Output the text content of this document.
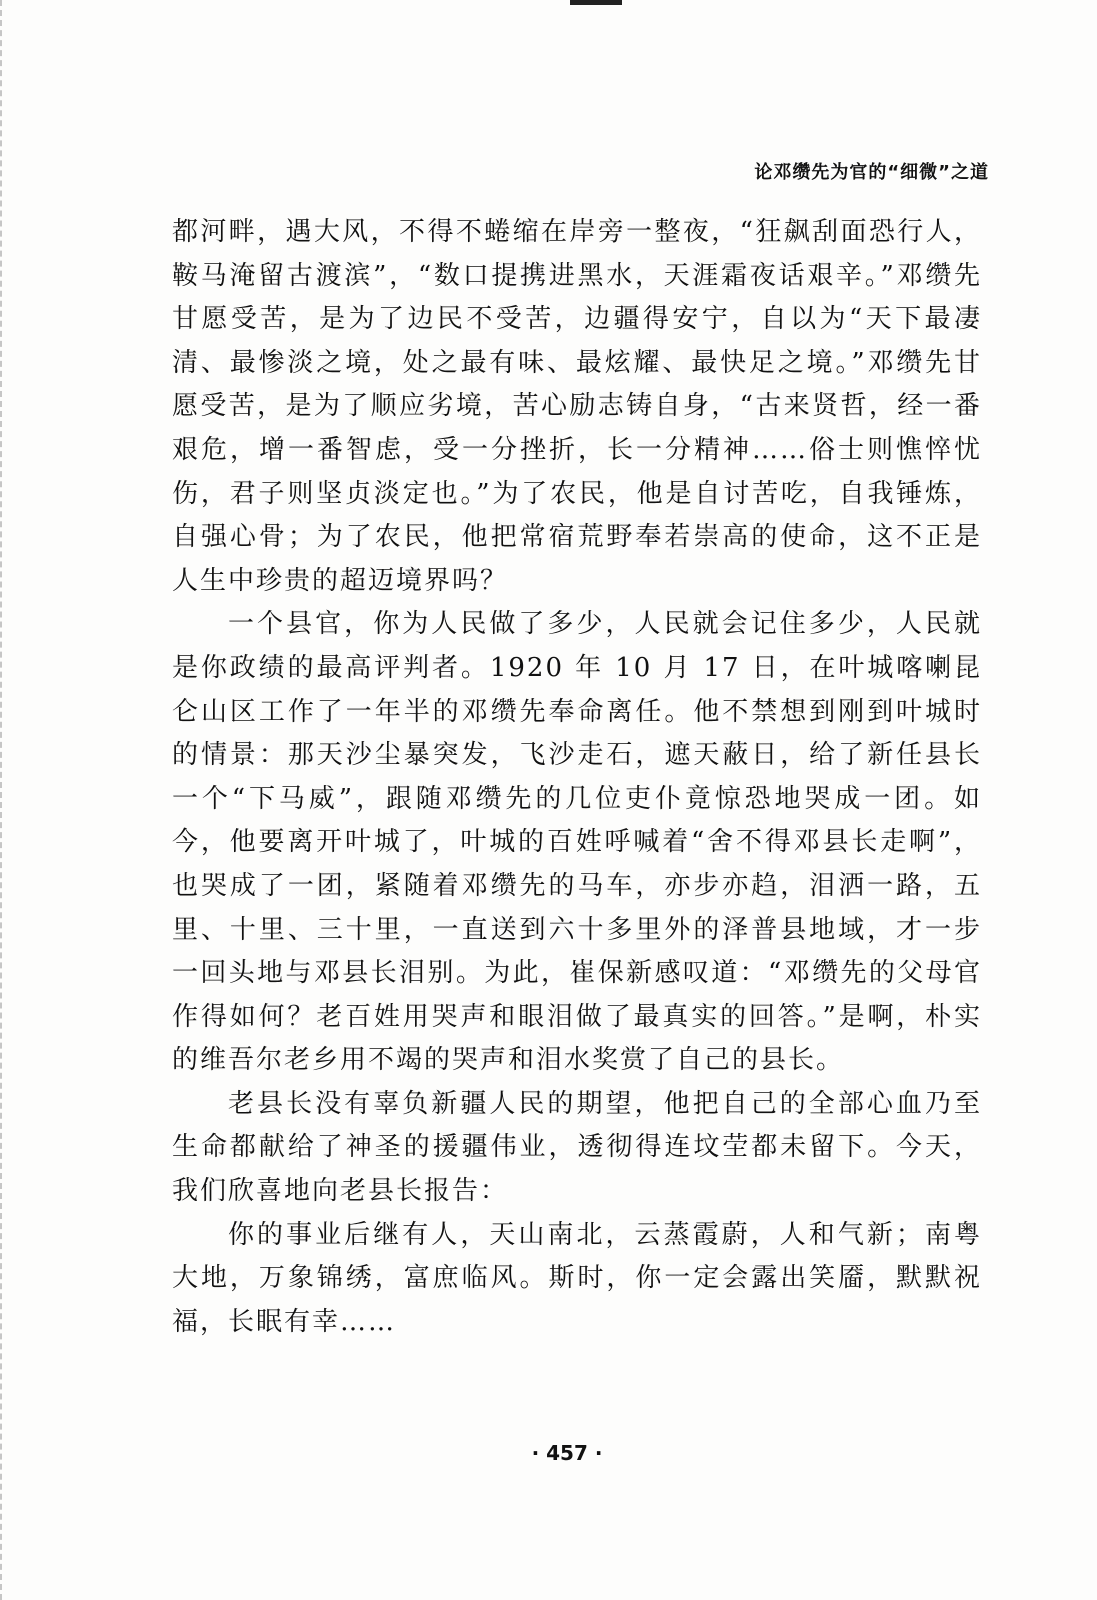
论邓缵先为官的“细微”之道

都河畔，遇大风，不得不蜷缩在岸旁一整夜，“狂飙刮面恐行人，鞍马淹留古渡滨”，“数口提携进黑水，天涯霜夜话艰辛。”邓缵先甘愿受苦，是为了边民不受苦，边疆得安宁，自以为“天下最凄清、最惨淡之境，处之最有味、最炫耀、最快足之境。”邓缵先甘愿受苦，是为了顺应劣境，苦心励志铸自身，“古来贤哲，经一番艰危，增一番智虑，受一分挫折，长一分精神……俗士则憔悴忧伤，君子则坚贞淡定也。”为了农民，他是自讨苦吃，自我锤炼，自强心骨；为了农民，他把常宿荒野奉若崇高的使命，这不正是人生中珍贵的超迈境界吗？

一个县官，你为人民做了多少，人民就会记住多少，人民就是你政绩的最高评判者。1920 年 10 月 17 日，在叶城喀喇昆仑山区工作了一年半的邓缵先奉命离任。他不禁想到刚到叶城时的情景：那天沙尘暴突发，飞沙走石，遮天蔽日，给了新任县长一个“下马威”，跟随邓缵先的几位吏仆竟惊恐地哭成一团。如今，他要离开叶城了，叶城的百姓呼喊着“舍不得邓县长走啊”，也哭成了一团，紧随着邓缵先的马车，亦步亦趋，泪洒一路，五里、十里、三十里，一直送到六十多里外的泽普县地域，才一步一回头地与邓县长泪别。为此，崔保新感叹道：“邓缵先的父母官作得如何？老百姓用哭声和眼泪做了最真实的回答。”是啊，朴实的维吾尔老乡用不竭的哭声和泪水奖赏了自己的县长。

老县长没有辜负新疆人民的期望，他把自己的全部心血乃至生命都献给了神圣的援疆伟业，透彻得连坟茔都未留下。今天，我们欣喜地向老县长报告：

你的事业后继有人，天山南北，云蒸霞蔚，人和气新；南粤大地，万象锦绣，富庶临风。斯时，你一定会露出笑靥，默默祝福，长眠有幸……

· 457 ·
